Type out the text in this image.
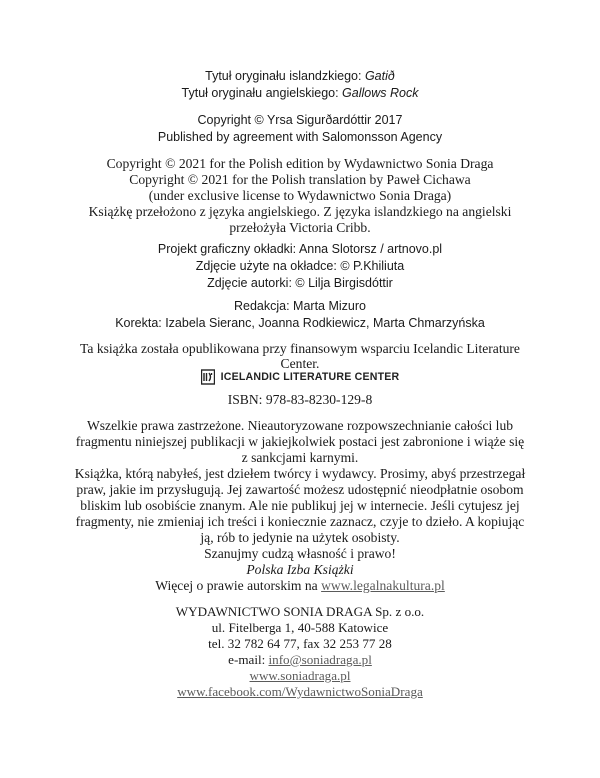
Tytuł oryginału islandzkiego: Gatið
Tytuł oryginału angielskiego: Gallows Rock
Copyright © Yrsa Sigurðardóttir 2017
Published by agreement with Salomonsson Agency
Copyright © 2021 for the Polish edition by Wydawnictwo Sonia Draga
Copyright © 2021 for the Polish translation by Paweł Cichawa
(under exclusive license to Wydawnictwo Sonia Draga)
Książkę przełożono z języka angielskiego. Z języka islandzkiego na angielski
przełożyła Victoria Cribb.
Projekt graficzny okładki: Anna Slotorsz / artnovo.pl
Zdjęcie użyte na okładce: © P.Khiliuta
Zdjęcie autorki: © Lilja Birgisdóttir
Redakcja: Marta Mizuro
Korekta: Izabela Sieranc, Joanna Rodkiewicz, Marta Chmarzyńska
Ta książka została opublikowana przy finansowym wsparciu Icelandic Literature
Center.
ICELANDIC LITERATURE CENTER
ISBN: 978-83-8230-129-8
Wszelkie prawa zastrzeżone. Nieautoryzowane rozpowszechnianie całości lub
fragmentu niniejszej publikacji w jakiejkolwiek postaci jest zabronione i wiąże się
z sankcjami karnymi.
Książka, którą nabyłeś, jest dziełem twórcy i wydawcy. Prosimy, abyś przestrzegał
praw, jakie im przysługują. Jej zawartość możesz udostępnić nieodpłatnie osobom
bliskim lub osobiście znanym. Ale nie publikuj jej w internecie. Jeśli cytujesz jej
fragmenty, nie zmieniaj ich treści i koniecznie zaznacz, czyje to dzieło. A kopiując
ją, rób to jedynie na użytek osobisty.
Szanujmy cudzą własność i prawo!
Polska Izba Książki
Więcej o prawie autorskim na www.legalnakultura.pl
WYDAWNICTWO SONIA DRAGA Sp. z o.o.
ul. Fitelberga 1, 40-588 Katowice
tel. 32 782 64 77, fax 32 253 77 28
e-mail: info@soniadraga.pl
www.soniadraga.pl
www.facebook.com/WydawnictwoSoniaDraga
